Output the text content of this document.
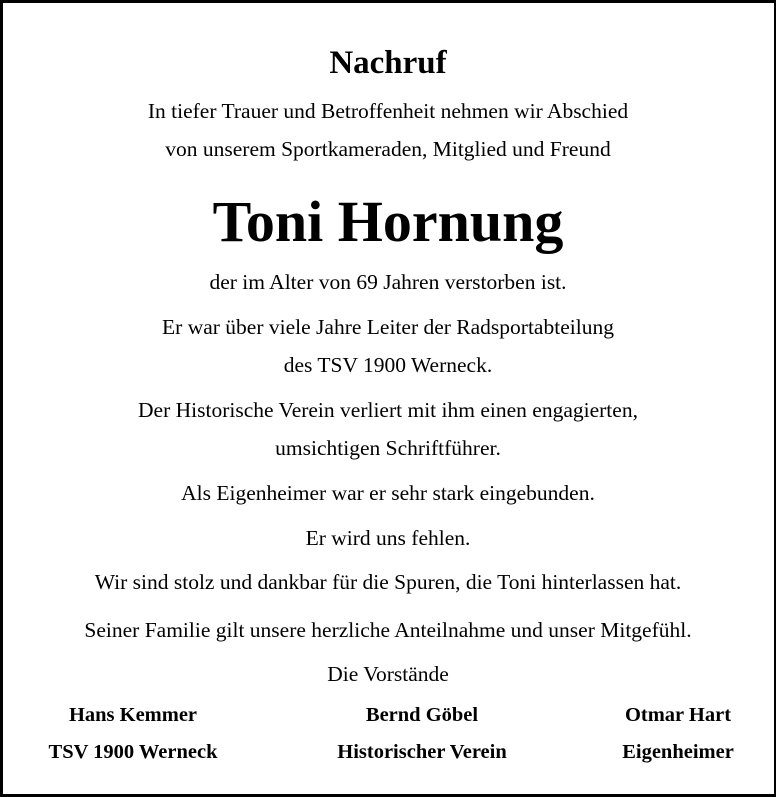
Nachruf
In tiefer Trauer und Betroffenheit nehmen wir Abschied
von unserem Sportkameraden, Mitglied und Freund
Toni Hornung
der im Alter von 69 Jahren verstorben ist.
Er war über viele Jahre Leiter der Radsportabteilung
des TSV 1900 Werneck.
Der Historische Verein verliert mit ihm einen engagierten,
umsichtigen Schriftführer.
Als Eigenheimer war er sehr stark eingebunden.
Er wird uns fehlen.
Wir sind stolz und dankbar für die Spuren, die Toni hinterlassen hat.
Seiner Familie gilt unsere herzliche Anteilnahme und unser Mitgefühl.
Die Vorstände
Hans Kemmer
TSV 1900 Werneck
Bernd Göbel
Historischer Verein
Otmar Hart
Eigenheimer
